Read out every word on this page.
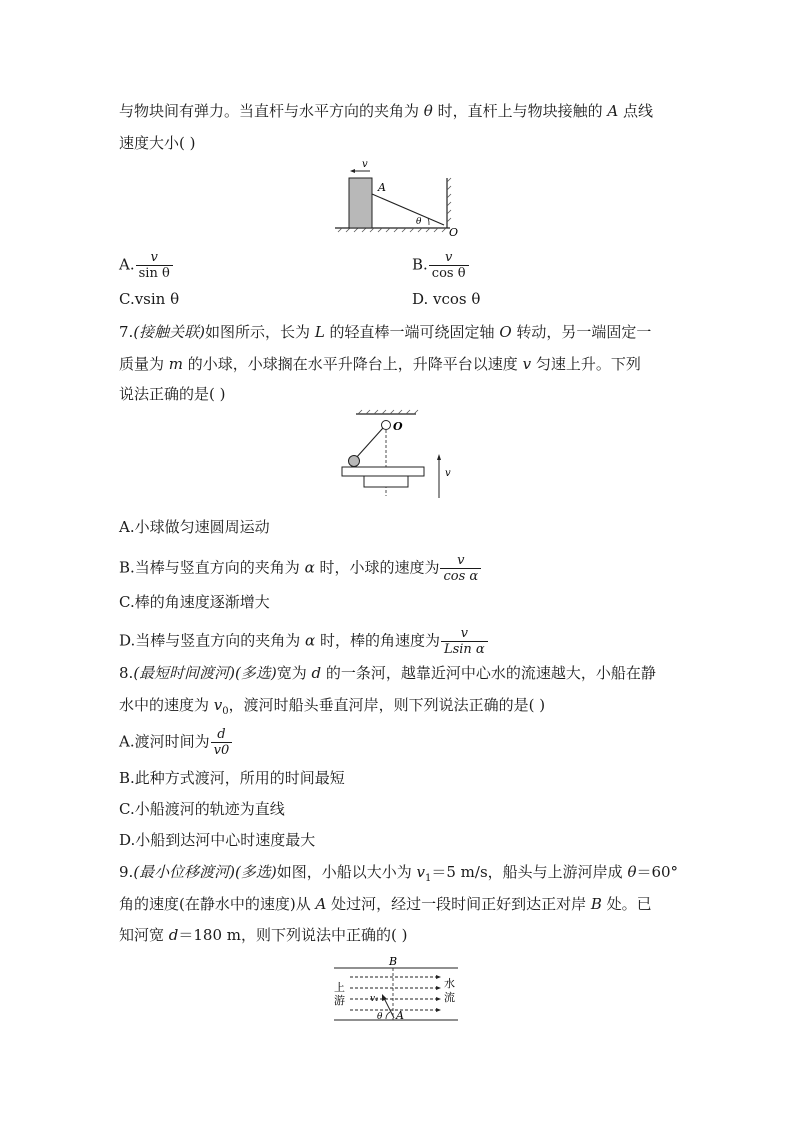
与物块间有弹力。当直杆与水平方向的夹角为 θ 时，直杆上与物块接触的 A 点线
速度大小( )
v
A
θ
O
A. $\frac{v}{\text{sin θ}}$	B. $\frac{v}{\text{cos θ}}$
C.vsin θ	D. vcos θ
7.(接触关联)如图所示，长为 L 的轻直棒一端可绕固定轴 O 转动，另一端固定一
质量为 m 的小球，小球搁在水平升降台上，升降平台以速度 v 匀速上升。下列
说法正确的是( )
O
v
A.小球做匀速圆周运动
B.当棒与竖直方向的夹角为 α 时，小球的速度为 $\frac{v}{\text{cos α}}$
C.棒的角速度逐渐增大
D.当棒与竖直方向的夹角为 α 时，棒的角速度为 $\frac{v}{\text{Lsin α}}$
8.(最短时间渡河)(多选)宽为 d 的一条河，越靠近河中心水的流速越大，小船在静
水中的速度为 $v_0$，渡河时船头垂直河岸，则下列说法正确的是( )
A.渡河时间为 $\frac{d}{v0}$
B.此种方式渡河，所用的时间最短
C.小船渡河的轨迹为直线
D.小船到达河中心时速度最大
9.(最小位移渡河)(多选)如图，小船以大小为 $v_1=5$ m/s，船头与上游河岸成 θ＝60°
角的速度(在静水中的速度)从 A 处过河，经过一段时间正好到达正对岸 B 处。已
知河宽 d＝180 m，则下列说法中正确的( )
B
v₁
θ A
上
游
水
流
